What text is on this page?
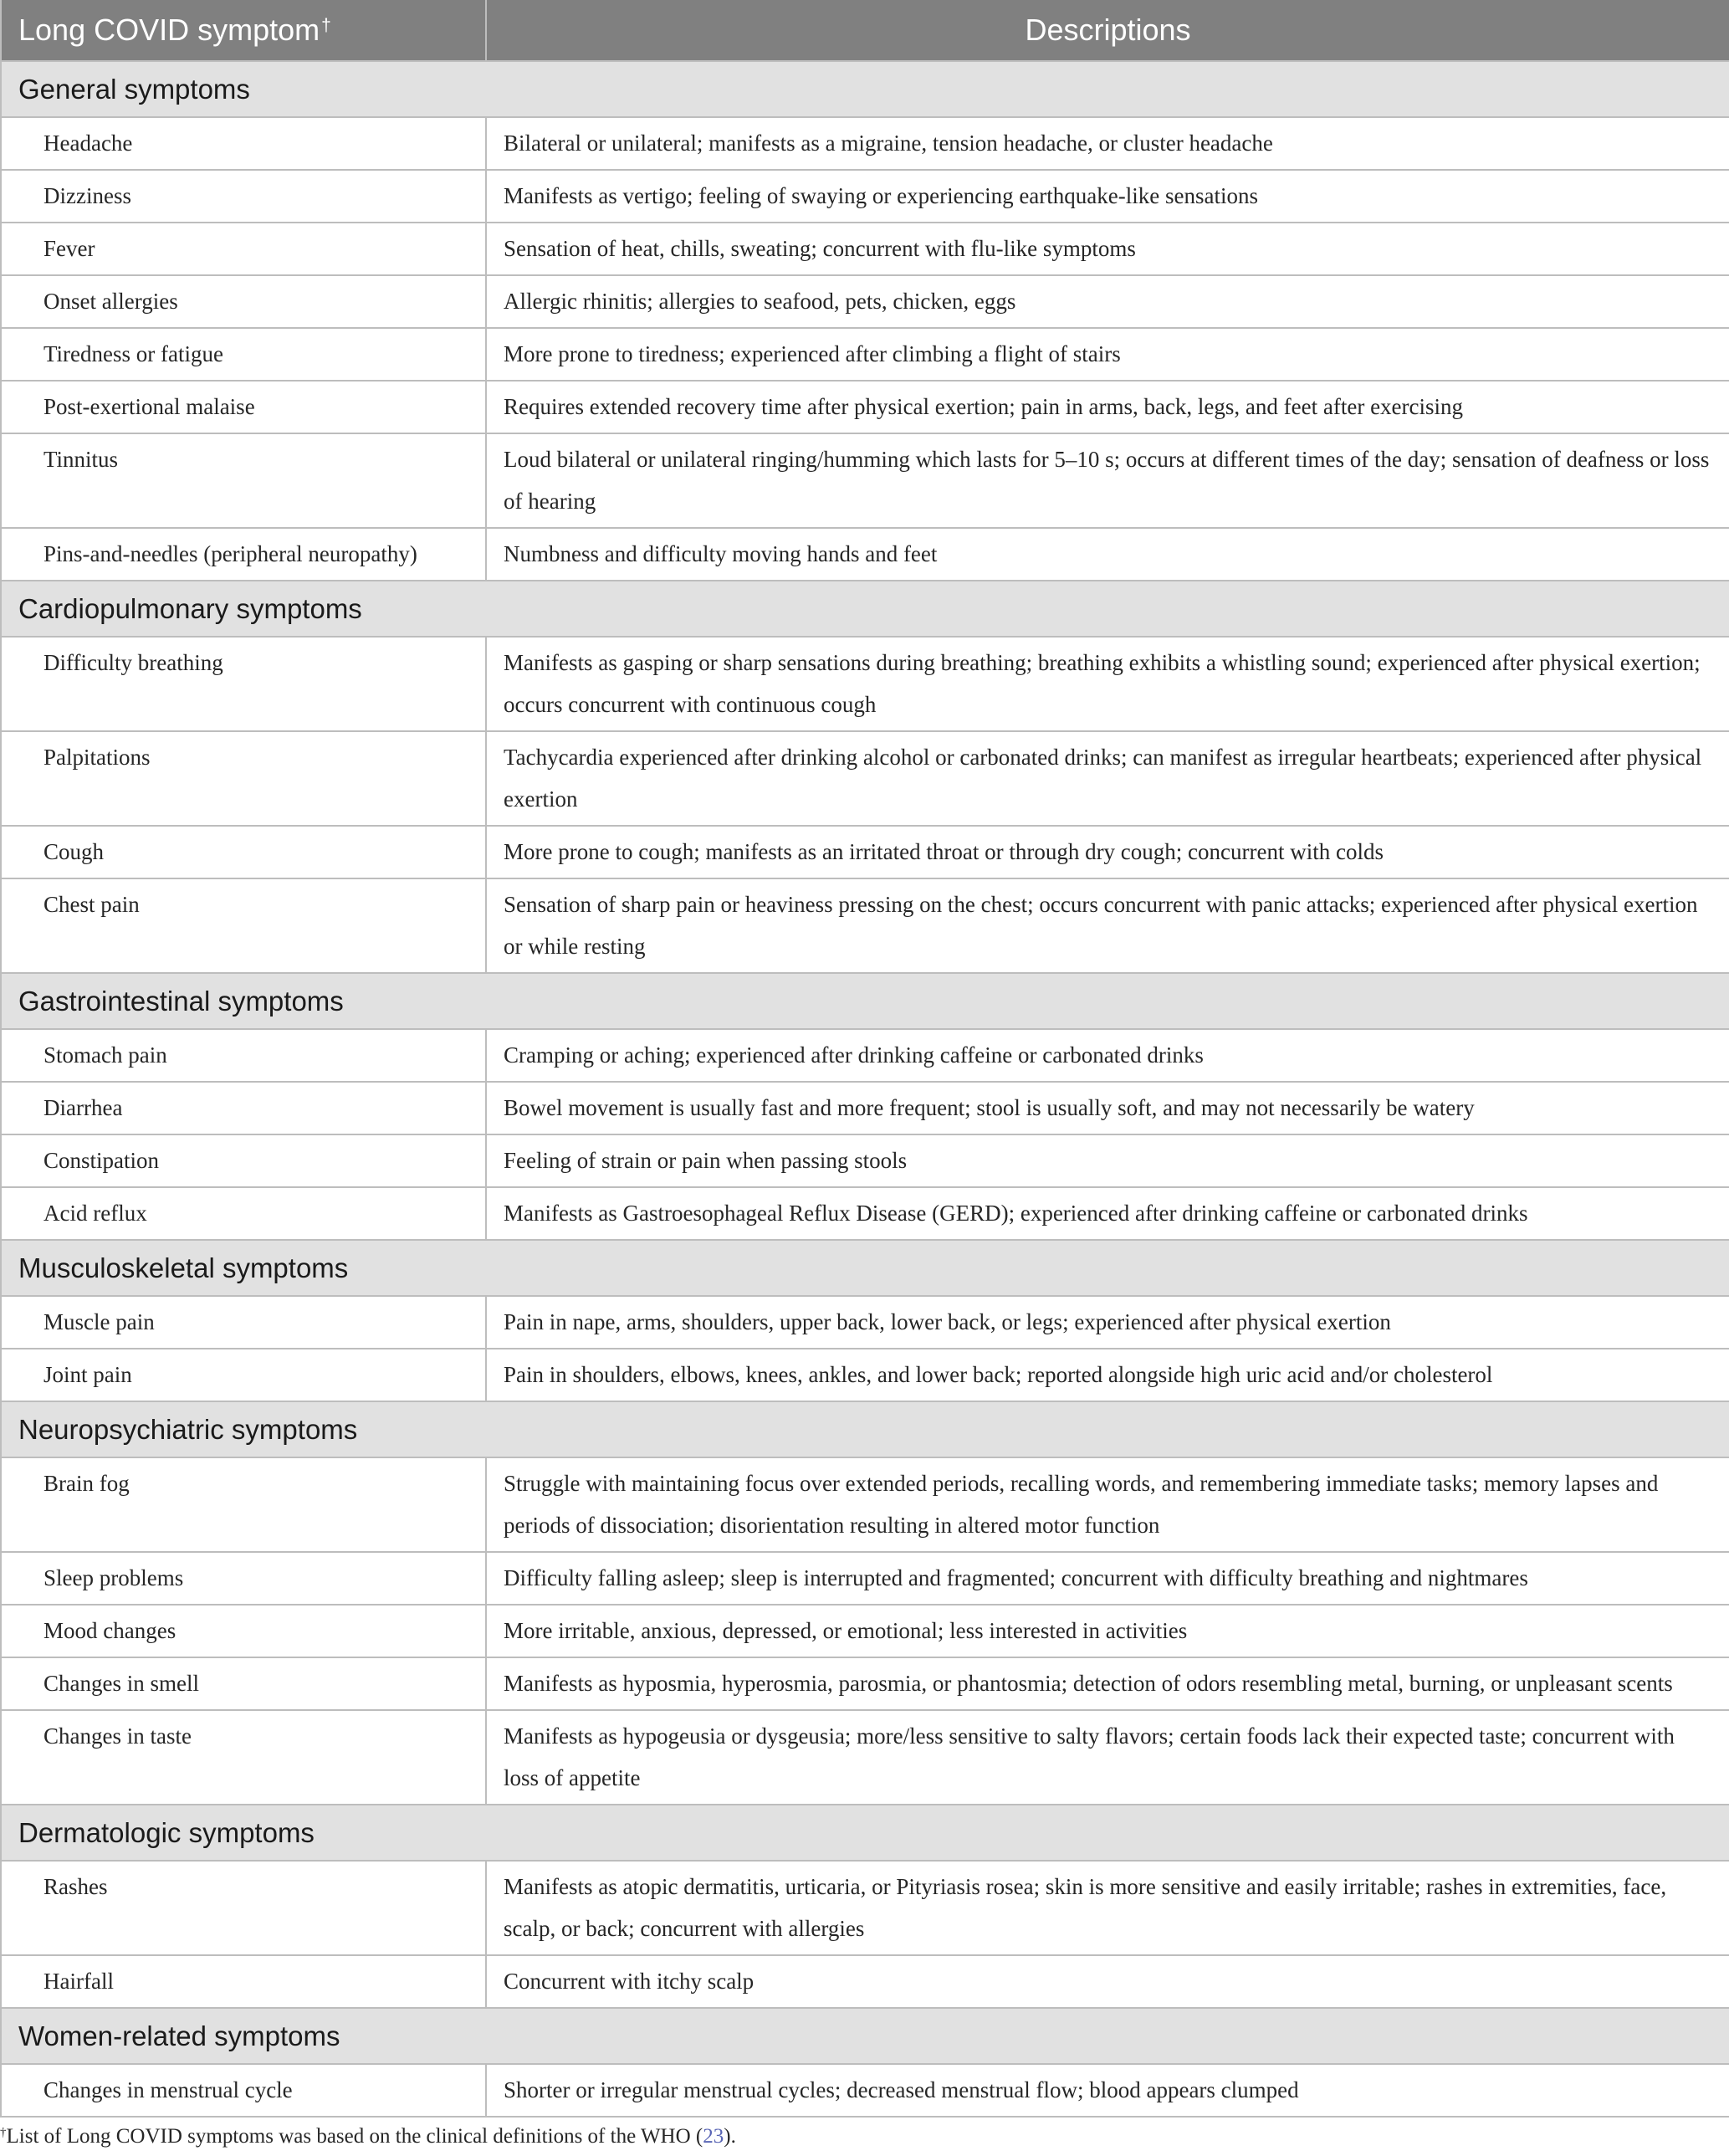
Long COVID symptom†	Descriptions
General symptoms	
Headache	Bilateral or unilateral; manifests as a migraine, tension headache, or cluster headache
Dizziness	Manifests as vertigo; feeling of swaying or experiencing earthquake-like sensations
Fever	Sensation of heat, chills, sweating; concurrent with flu-like symptoms
Onset allergies	Allergic rhinitis; allergies to seafood, pets, chicken, eggs
Tiredness or fatigue	More prone to tiredness; experienced after climbing a flight of stairs
Post-exertional malaise	Requires extended recovery time after physical exertion; pain in arms, back, legs, and feet after exercising
Tinnitus	Loud bilateral or unilateral ringing/humming which lasts for 5–10 s; occurs at different times of the day; sensation of deafness or loss of hearing
Pins-and-needles (peripheral neuropathy)	Numbness and difficulty moving hands and feet
Cardiopulmonary symptoms	
Difficulty breathing	Manifests as gasping or sharp sensations during breathing; breathing exhibits a whistling sound; experienced after physical exertion; occurs concurrent with continuous cough
Palpitations	Tachycardia experienced after drinking alcohol or carbonated drinks; can manifest as irregular heartbeats; experienced after physical exertion
Cough	More prone to cough; manifests as an irritated throat or through dry cough; concurrent with colds
Chest pain	Sensation of sharp pain or heaviness pressing on the chest; occurs concurrent with panic attacks; experienced after physical exertion or while resting
Gastrointestinal symptoms	
Stomach pain	Cramping or aching; experienced after drinking caffeine or carbonated drinks
Diarrhea	Bowel movement is usually fast and more frequent; stool is usually soft, and may not necessarily be watery
Constipation	Feeling of strain or pain when passing stools
Acid reflux	Manifests as Gastroesophageal Reflux Disease (GERD); experienced after drinking caffeine or carbonated drinks
Musculoskeletal symptoms	
Muscle pain	Pain in nape, arms, shoulders, upper back, lower back, or legs; experienced after physical exertion
Joint pain	Pain in shoulders, elbows, knees, ankles, and lower back; reported alongside high uric acid and/or cholesterol
Neuropsychiatric symptoms	
Brain fog	Struggle with maintaining focus over extended periods, recalling words, and remembering immediate tasks; memory lapses and periods of dissociation; disorientation resulting in altered motor function
Sleep problems	Difficulty falling asleep; sleep is interrupted and fragmented; concurrent with difficulty breathing and nightmares
Mood changes	More irritable, anxious, depressed, or emotional; less interested in activities
Changes in smell	Manifests as hyposmia, hyperosmia, parosmia, or phantosmia; detection of odors resembling metal, burning, or unpleasant scents
Changes in taste	Manifests as hypogeusia or dysgeusia; more/less sensitive to salty flavors; certain foods lack their expected taste; concurrent with loss of appetite
Dermatologic symptoms	
Rashes	Manifests as atopic dermatitis, urticaria, or Pityriasis rosea; skin is more sensitive and easily irritable; rashes in extremities, face, scalp, or back; concurrent with allergies
Hairfall	Concurrent with itchy scalp
Women-related symptoms	
Changes in menstrual cycle	Shorter or irregular menstrual cycles; decreased menstrual flow; blood appears clumped
†List of Long COVID symptoms was based on the clinical definitions of the WHO (23).
